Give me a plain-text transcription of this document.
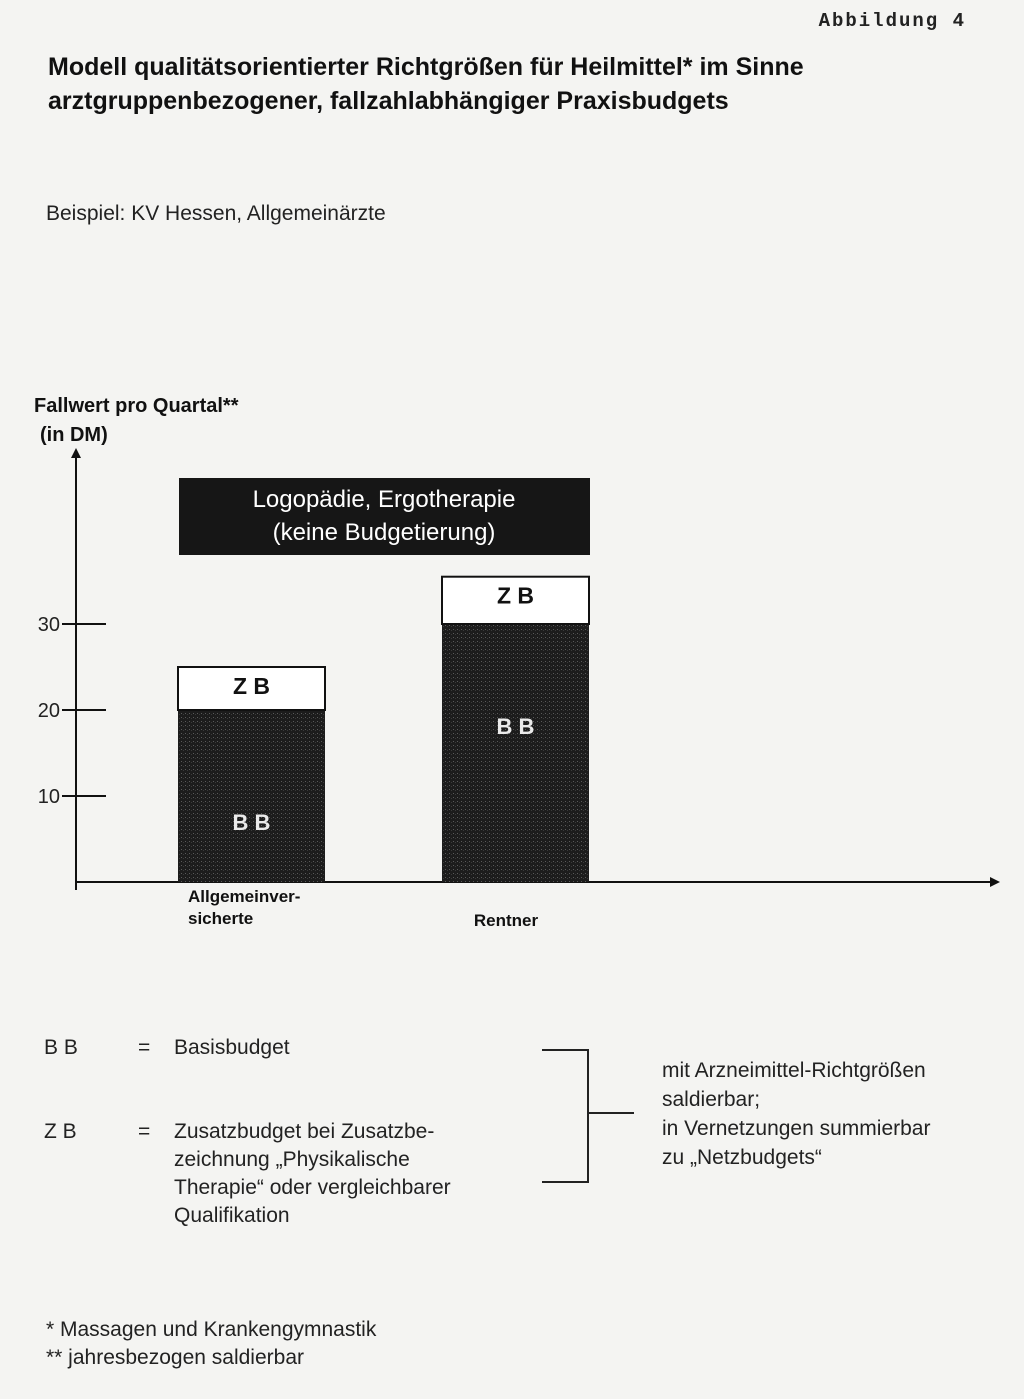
Abbildung 4
Modell qualitätsorientierter Richtgrößen für Heilmittel* im Sinne
arztgruppenbezogener, fallzahlabhängiger Praxisbudgets
Beispiel: KV Hessen, Allgemeinärzte
Fallwert pro Quartal**
(in DM)
10
20
30
B B
Z B
B B
Z B
Logopädie, Ergotherapie
(keine Budgetierung)
Allgemeinver-
sicherte	Rentner
B B	= Basisbudget
Z B	= Zusatzbudget bei Zusatzbe-
zeichnung „Physikalische
Therapie“ oder vergleichbarer
Qualifikation
mit Arzneimittel-Richtgrößen
saldierbar;
in Vernetzungen summierbar
zu „Netzbudgets“
* Massagen und Krankengymnastik
** jahresbezogen saldierbar
